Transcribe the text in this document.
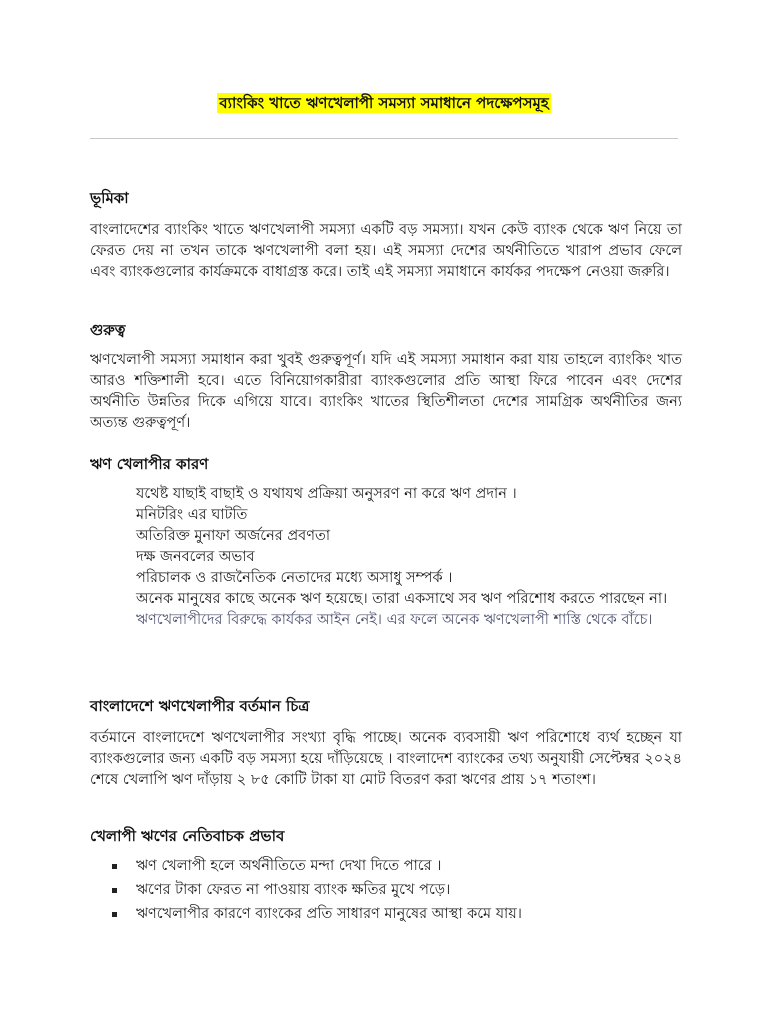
ব্যাংকিং খাতে ঋণখেলাপী সমস্যা সমাধানে পদক্ষেপসমূহ
ভূমিকা

বাংলাদেশের ব্যাংকিং খাতে ঋণখেলাপী সমস্যা একটি বড় সমস্যা। যখন কেউ ব্যাংক থেকে ঋণ নিয়ে তা ফেরত দেয় না তখন তাকে ঋণখেলাপী বলা হয়। এই সমস্যা দেশের অর্থনীতিতে খারাপ প্রভাব ফেলে এবং ব্যাংকগুলোর কার্যক্রমকে বাধাগ্রস্ত করে। তাই এই সমস্যা সমাধানে কার্যকর পদক্ষেপ নেওয়া জরুরি।

গুরুত্ব

ঋণখেলাপী সমস্যা সমাধান করা খুবই গুরুত্বপূর্ণ। যদি এই সমস্যা সমাধান করা যায় তাহলে ব্যাংকিং খাত আরও শক্তিশালী হবে। এতে বিনিয়োগকারীরা ব্যাংকগুলোর প্রতি আস্থা ফিরে পাবেন এবং দেশের অর্থনীতি উন্নতির দিকে এগিয়ে যাবে। ব্যাংকিং খাতের স্থিতিশীলতা দেশের সামগ্রিক অর্থনীতির জন্য অত্যন্ত গুরুত্বপূর্ণ।

ঋণ খেলাপীর কারণ
যথেষ্ট যাছাই বাছাই ও যথাযথ প্রক্রিয়া অনুসরণ না করে ঋণ প্রদান ।
মনিটরিং এর ঘাটতি
অতিরিক্ত মুনাফা অর্জনের প্রবণতা
দক্ষ জনবলের অভাব
পরিচালক ও রাজনৈতিক নেতাদের মধ্যে অসাধু সম্পর্ক ।
অনেক মানুষের কাছে অনেক ঋণ হয়েছে। তারা একসাথে সব ঋণ পরিশোধ করতে পারছেন না।
ঋণখেলাপীদের বিরুদ্ধে কার্যকর আইন নেই। এর ফলে অনেক ঋণখেলাপী শাস্তি থেকে বাঁচে।
বাংলাদেশে ঋণখেলাপীর বর্তমান চিত্র

বর্তমানে বাংলাদেশে ঋণখেলাপীর সংখ্যা বৃদ্ধি পাচ্ছে। অনেক ব্যবসায়ী ঋণ পরিশোধে ব্যর্থ হচ্ছেন যা ব্যাংকগুলোর জন্য একটি বড় সমস্যা হয়ে দাঁড়িয়েছে । বাংলাদেশ ব্যাংকের তথ্য অনুযায়ী সেপ্টেম্বর ২০২৪ শেষে খেলাপি ঋণ দাঁড়ায় ২ ৮৫ কোটি টাকা যা মোট বিতরণ করা ঋণের প্রায় ১৭ শতাংশ।

খেলাপী ঋণের নেতিবাচক প্রভাব
ঋণ খেলাপী হলে অর্থনীতিতে মন্দা দেখা দিতে পারে ।
ঋণের টাকা ফেরত না পাওয়ায় ব্যাংক ক্ষতির মুখে পড়ে।
ঋণখেলাপীর কারণে ব্যাংকের প্রতি সাধারণ মানুষের আস্থা কমে যায়।
